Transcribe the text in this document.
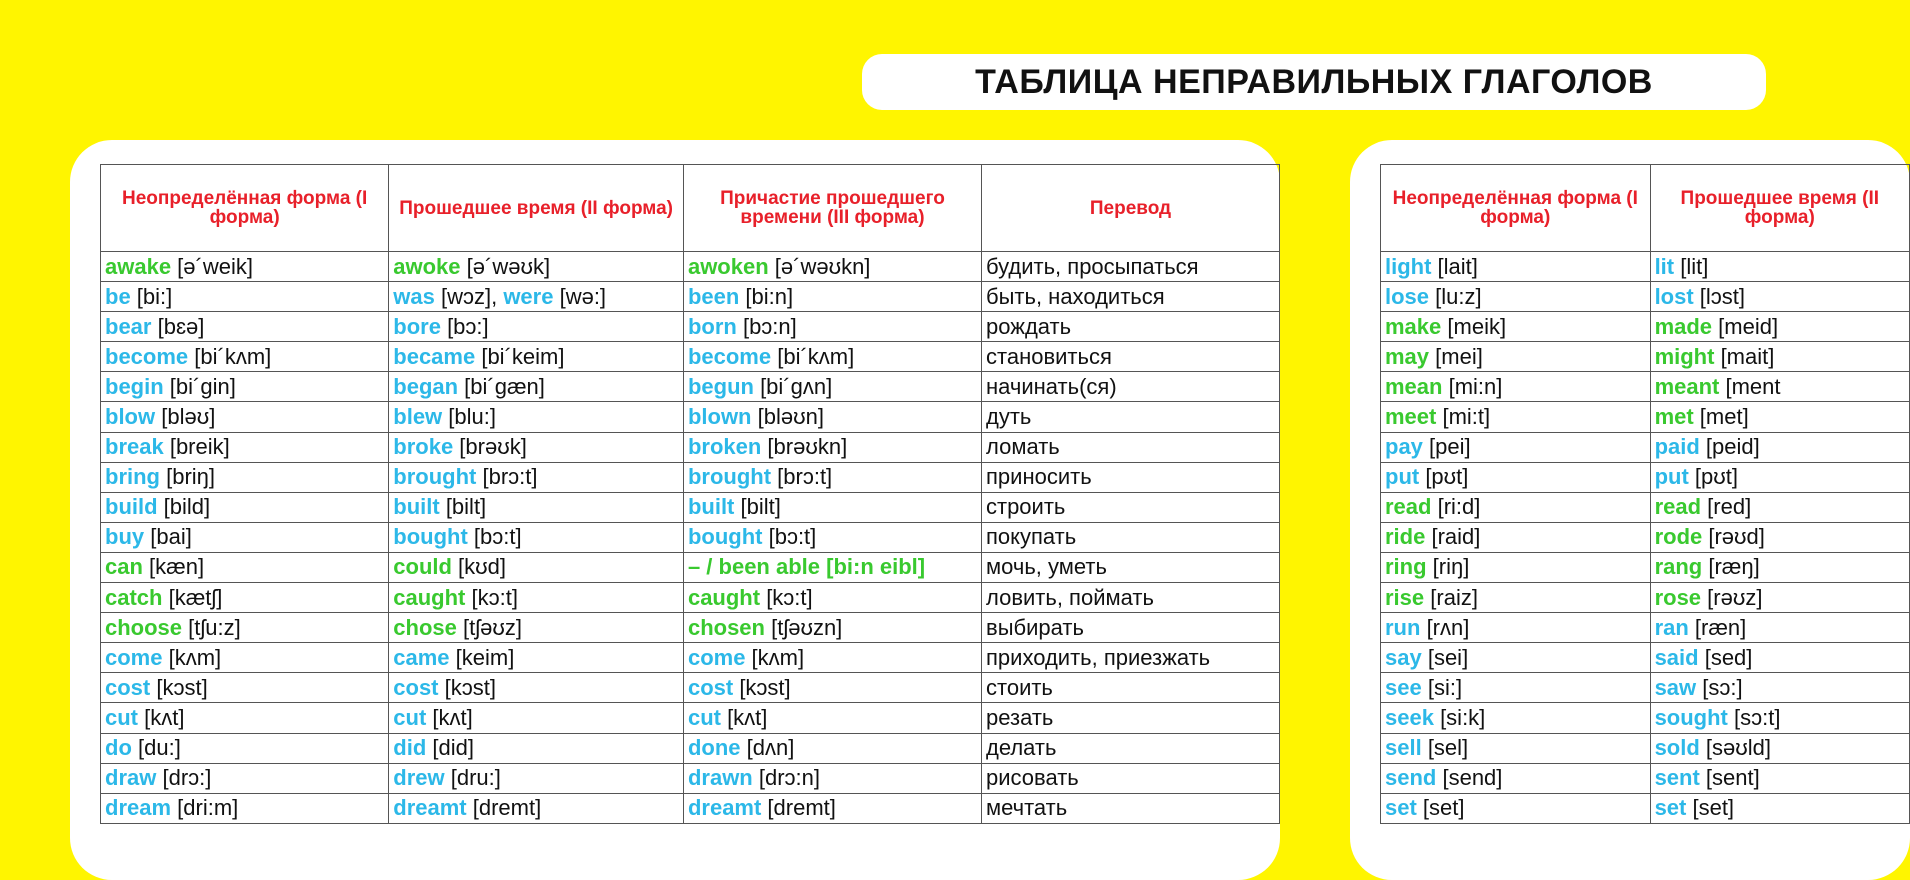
ТАБЛИЦА НЕПРАВИЛЬНЫХ ГЛАГОЛОВ
Неопределённая форма (I форма)	Прошедшее время (II форма)	Причастие прошедшего времени (III форма)	Перевод
awake [ə´weik]	awoke [ə´wəʊk]	awoken [ə´wəʊkn]	будить, просыпаться
be [bi:]	was [wɔz], were [wə:]	been [bi:n]	быть, находиться
bear [bɛə]	bore [bɔ:]	born [bɔ:n]	рождать
become [bi´kʌm]	became [bi´keim]	become [bi´kʌm]	становиться
begin [bi´gin]	began [bi´gæn]	begun [bi´gʌn]	начинать(ся)
blow [bləʊ]	blew [blu:]	blown [bləʊn]	дуть
break [breik]	broke [brəʊk]	broken [brəʊkn]	ломать
bring [briŋ]	brought [brɔ:t]	brought [brɔ:t]	приносить
build [bild]	built [bilt]	built [bilt]	строить
buy [bai]	bought [bɔ:t]	bought [bɔ:t]	покупать
can [kæn]	could [kʊd]	– / been able [bi:n eibl]	мочь, уметь
catch [kætʃ]	caught [kɔ:t]	caught [kɔ:t]	ловить, поймать
choose [tʃu:z]	chose [tʃəʊz]	chosen [tʃəʊzn]	выбирать
come [kʌm]	came [keim]	come [kʌm]	приходить, приезжать
cost [kɔst]	cost [kɔst]	cost [kɔst]	стоить
cut [kʌt]	cut [kʌt]	cut [kʌt]	резать
do [du:]	did [did]	done [dʌn]	делать
draw [drɔ:]	drew [dru:]	drawn [drɔ:n]	рисовать
dream [dri:m]	dreamt [dremt]	dreamt [dremt]	мечтать
Неопределённая форма (I форма)	Прошедшее время (II форма)
light [lait]	lit [lit]
lose [lu:z]	lost [lɔst]
make [meik]	made [meid]
may [mei]	might [mait]
mean [mi:n]	meant [ment
meet [mi:t]	met [met]
pay [pei]	paid [peid]
put [pʊt]	put [pʊt]
read [ri:d]	read [red]
ride [raid]	rode [rəʊd]
ring [riŋ]	rang [ræŋ]
rise [raiz]	rose [rəʊz]
run [rʌn]	ran [ræn]
say [sei]	said [sed]
see [si:]	saw [sɔ:]
seek [si:k]	sought [sɔ:t]
sell [sel]	sold [səʊld]
send [send]	sent [sent]
set [set]	set [set]
